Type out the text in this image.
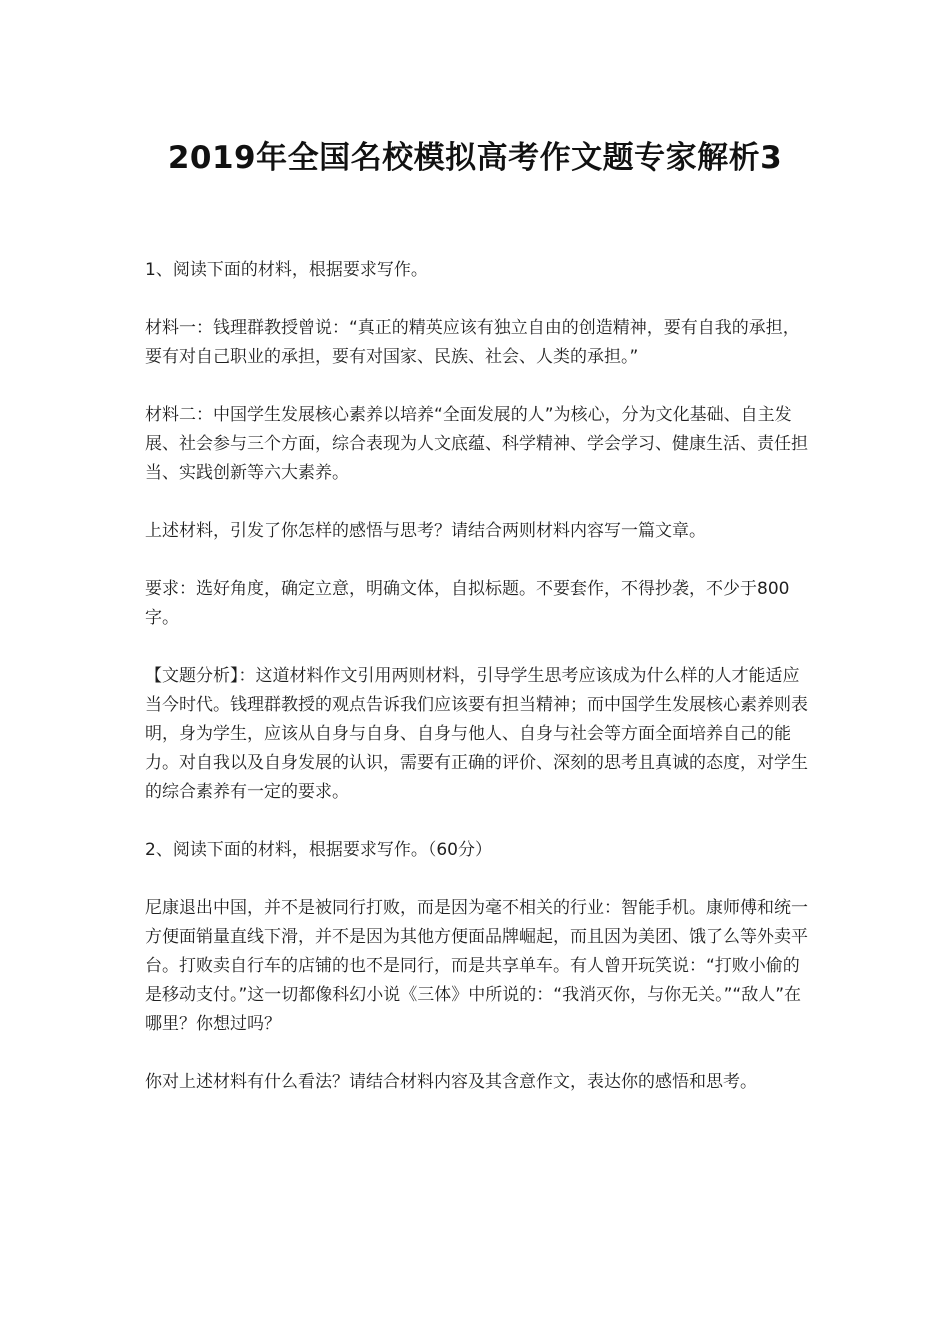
2019年全国名校模拟高考作文题专家解析3

1、阅读下面的材料，根据要求写作。

材料一：钱理群教授曾说：“真正的精英应该有独立自由的创造精神，要有自我的承担，要有对自己职业的承担，要有对国家、民族、社会、人类的承担。”

材料二：中国学生发展核心素养以培养“全面发展的人”为核心，分为文化基础、自主发展、社会参与三个方面，综合表现为人文底蕴、科学精神、学会学习、健康生活、责任担当、实践创新等六大素养。

上述材料，引发了你怎样的感悟与思考？请结合两则材料内容写一篇文章。

要求：选好角度，确定立意，明确文体，自拟标题。不要套作，不得抄袭，不少于800字。

【文题分析】：这道材料作文引用两则材料，引导学生思考应该成为什么样的人才能适应当今时代。钱理群教授的观点告诉我们应该要有担当精神；而中国学生发展核心素养则表明，身为学生，应该从自身与自身、自身与他人、自身与社会等方面全面培养自己的能力。对自我以及自身发展的认识，需要有正确的评价、深刻的思考且真诚的态度，对学生的综合素养有一定的要求。

2、阅读下面的材料，根据要求写作。（60分）

尼康退出中国，并不是被同行打败，而是因为毫不相关的行业：智能手机。康师傅和统一方便面销量直线下滑，并不是因为其他方便面品牌崛起，而且因为美团、饿了么等外卖平台。打败卖自行车的店铺的也不是同行，而是共享单车。有人曾开玩笑说：“打败小偷的是移动支付。”这一切都像科幻小说《三体》中所说的：“我消灭你，与你无关。”“敌人”在哪里？你想过吗？

你对上述材料有什么看法？请结合材料内容及其含意作文，表达你的感悟和思考。
